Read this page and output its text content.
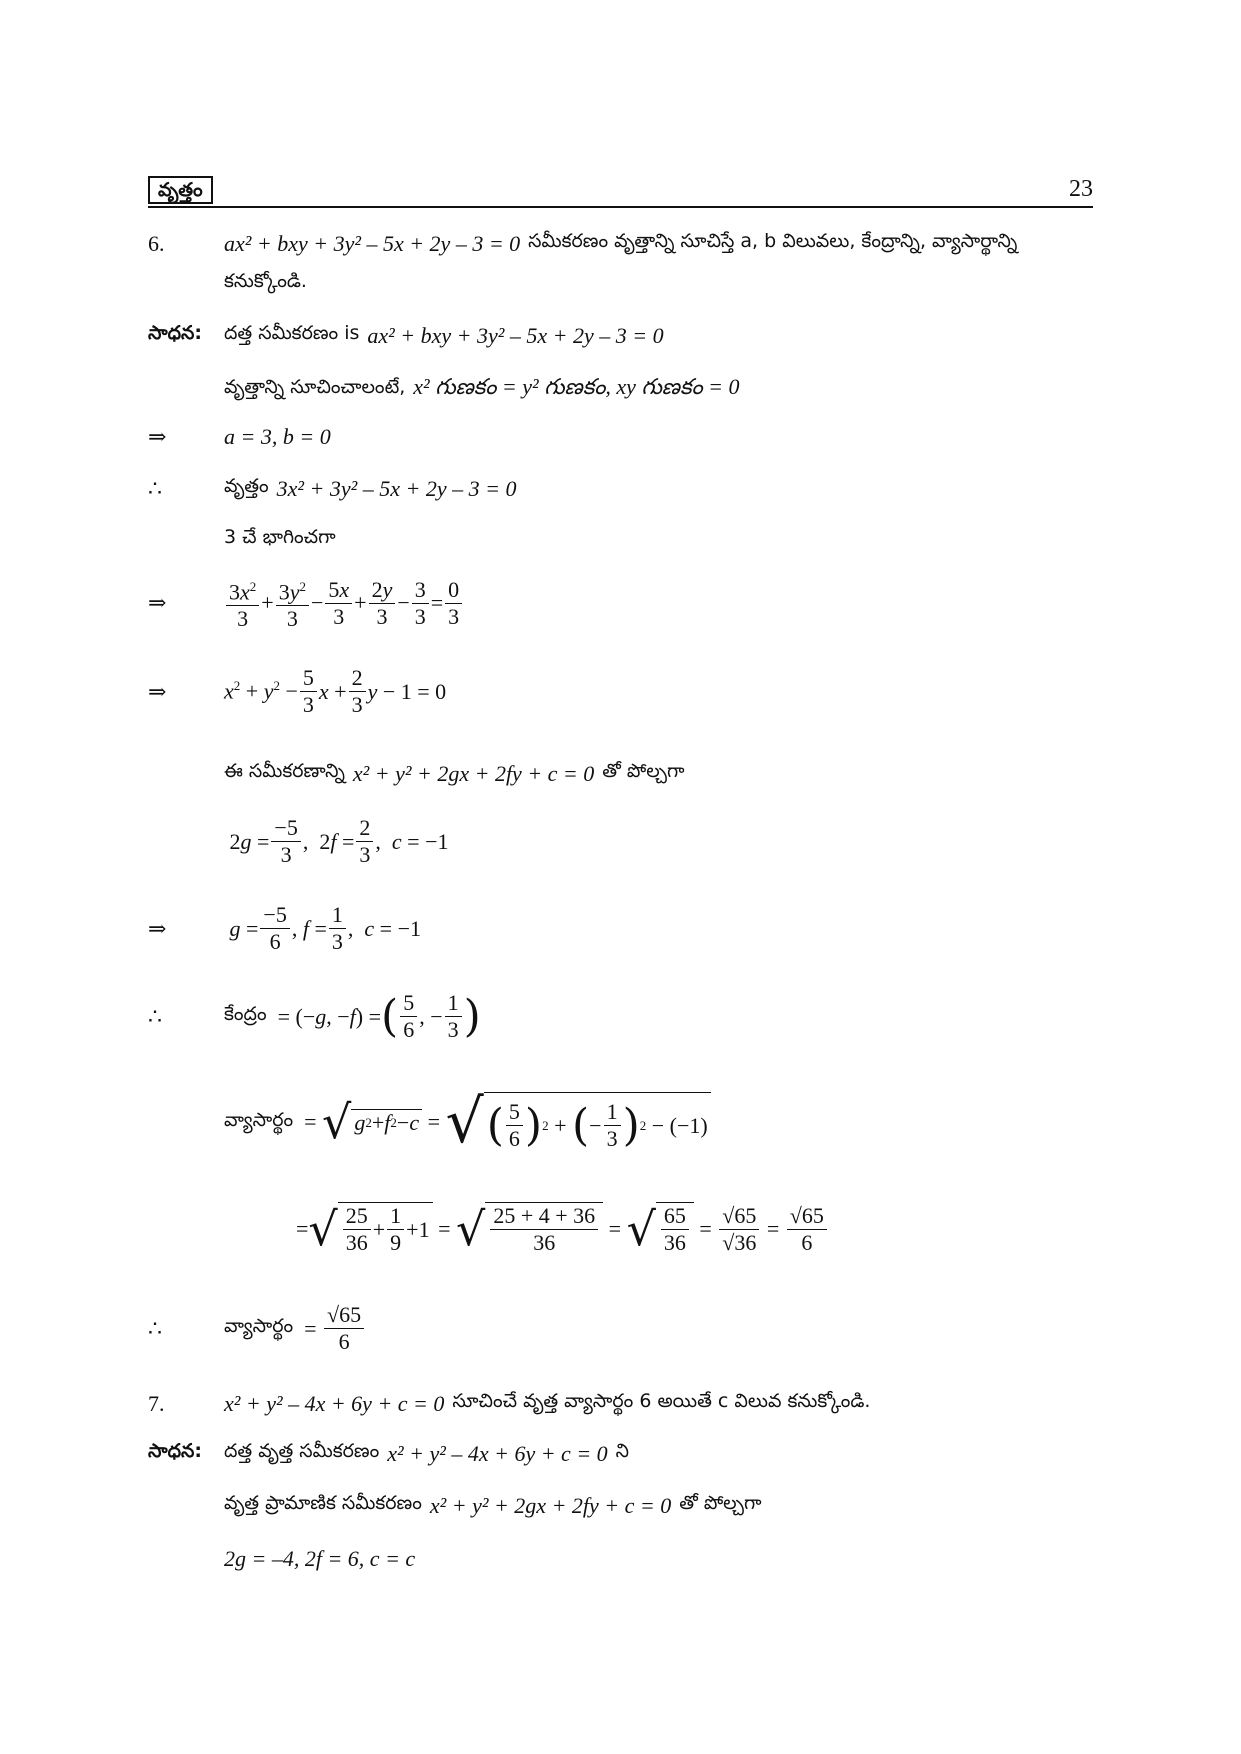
వృత్తం	23
6.	ax² + bxy + 3y² – 5x + 2y – 3 = 0 సమీకరణం వృత్తాన్ని సూచిస్తే a, b విలువలు, కేంద్రాన్ని, వ్యాసార్థాన్ని
కనుక్కోండి.
సాధన:	దత్త సమీకరణం is ax² + bxy + 3y² – 5x + 2y – 3 = 0
వృత్తాన్ని సూచించాలంటే, x² గుణకం = y² గుణకం, xy గుణకం = 0
⇒	a = 3, b = 0
∴	వృత్తం 3x² + 3y² – 5x + 2y – 3 = 0
3 చే భాగించగా
⇒	$\frac{3x^2}{3} + \frac{3y^2}{3} - \frac{5x}{3} + \frac{2y}{3} - \frac{3}{3} = \frac{0}{3}$
⇒	$x^2 + y^2 - \frac{5}{3}$ $x + \frac{2}{3}$ y − 1 = 0
ఈ సమీకరణాన్ని x² + y² + 2gx + 2fy + c = 0 తో పోల్చగా
$2g = \frac{-5}{3}$ ,  $2f = \frac{2}{3}$ ,  c = −1
⇒	$g = \frac{-5}{6}$ , $f = \frac{1}{3}$ ,  c = −1
∴	కేంద్రం = (−g, −f) = ( $\frac{5}{6}$ , − $\frac{1}{3}$ )
వ్యాసార్థం = √ g 2 + f 2 − c = √ ( $\frac{5}{6}$ ) 2 + ( − $\frac{1}{3}$ ) 2 − (−1)
= √ $\frac{25}{36} + \frac{1}{9} +1$ = √ $\frac{25 + 4 + 36}{36}$ = √ $\frac{65}{36} = \frac{√65}{√36} = \frac{√65}{6}$
∴	వ్యాసార్థం = $\frac{√65}{6}$
7.	x² + y² – 4x + 6y + c = 0 సూచించే వృత్త వ్యాసార్థం 6 అయితే c విలువ కనుక్కోండి.
సాధన:	దత్త వృత్త సమీకరణం x² + y² – 4x + 6y + c = 0 ని
వృత్త ప్రామాణిక సమీకరణం x² + y² + 2gx + 2fy + c = 0 తో పోల్చగా
2g = –4, 2f = 6, c = c
